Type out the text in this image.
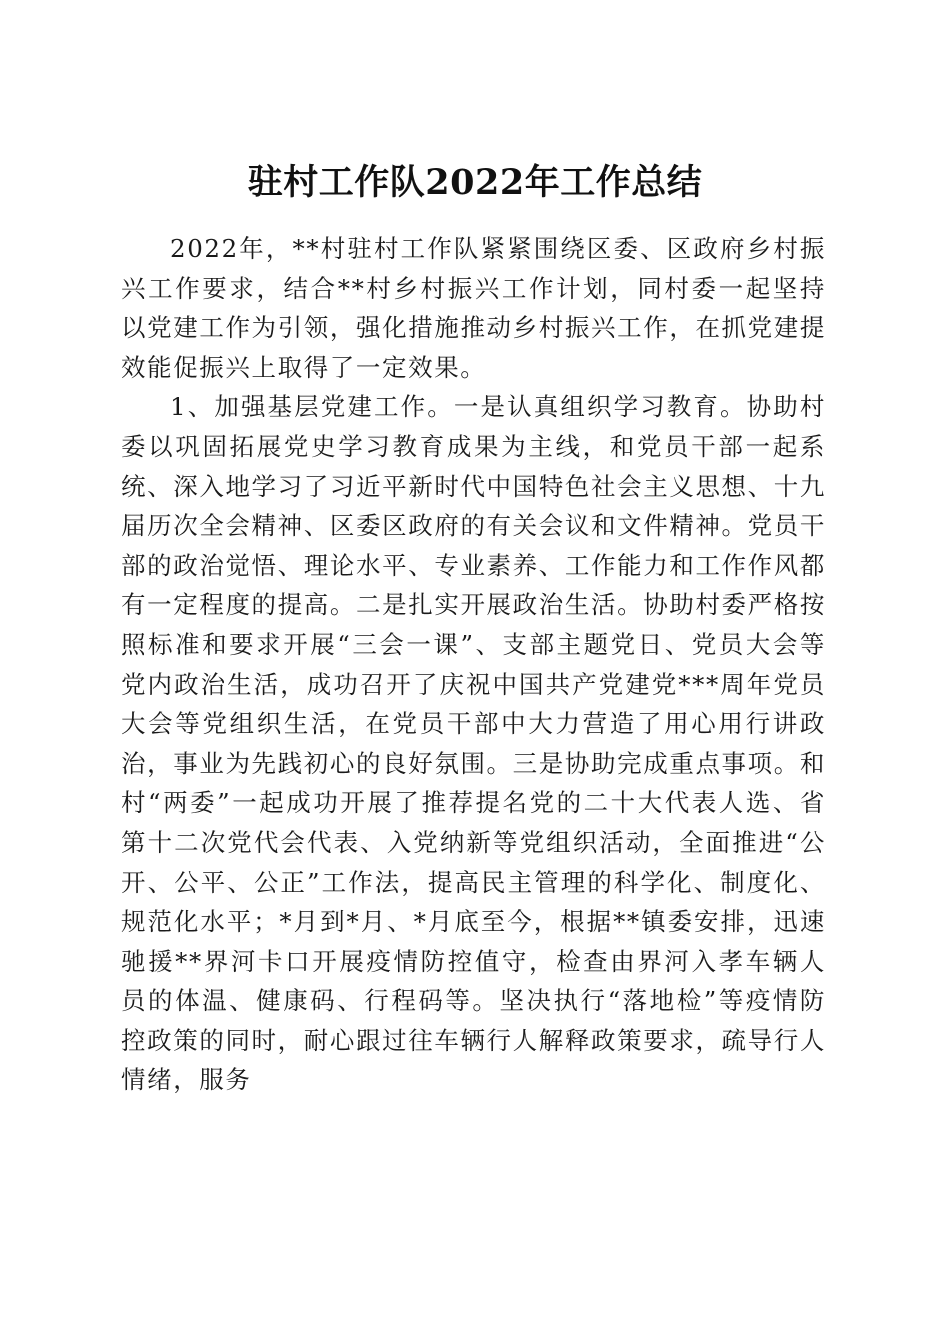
驻村工作队2022年工作总结

2022年，**村驻村工作队紧紧围绕区委、区政府乡村振兴工作要求，结合**村乡村振兴工作计划，同村委一起坚持以党建工作为引领，强化措施推动乡村振兴工作，在抓党建提效能促振兴上取得了一定效果。

1、加强基层党建工作。一是认真组织学习教育。协助村委以巩固拓展党史学习教育成果为主线，和党员干部一起系统、深入地学习了习近平新时代中国特色社会主义思想、十九届历次全会精神、区委区政府的有关会议和文件精神。党员干部的政治觉悟、理论水平、专业素养、工作能力和工作作风都有一定程度的提高。二是扎实开展政治生活。协助村委严格按照标准和要求开展“三会一课”、支部主题党日、党员大会等党内政治生活，成功召开了庆祝中国共产党建党***周年党员大会等党组织生活，在党员干部中大力营造了用心用行讲政治，事业为先践初心的良好氛围。三是协助完成重点事项。和村“两委”一起成功开展了推荐提名党的二十大代表人选、省第十二次党代会代表、入党纳新等党组织活动，全面推进“公开、公平、公正”工作法，提高民主管理的科学化、制度化、规范化水平；*月到*月、*月底至今，根据**镇委安排，迅速驰援**界河卡口开展疫情防控值守，检查由界河入孝车辆人员的体温、健康码、行程码等。坚决执行“落地检”等疫情防控政策的同时，耐心跟过往车辆行人解释政策要求，疏导行人情绪，服务
